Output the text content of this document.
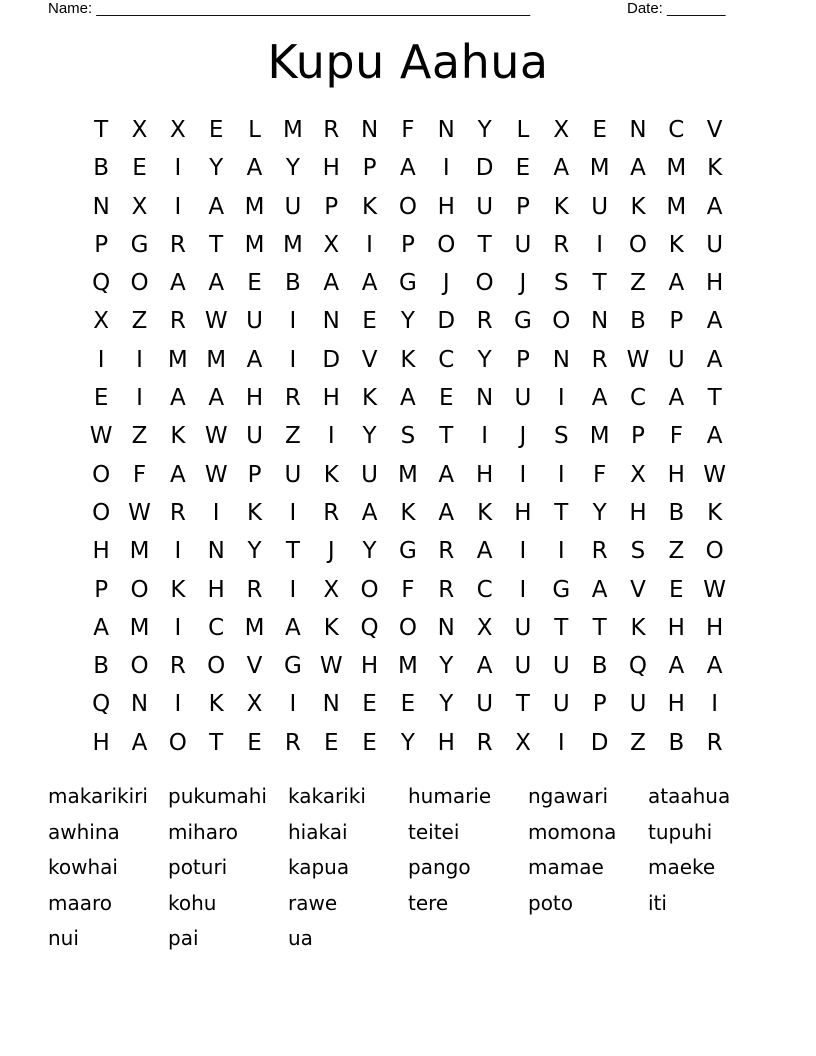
Name: ____________________________________________________	Date: _______
Kupu Aahua
T	X X	E	L M R N	F	N Y	L	X	E N C V
B	E	I	Y	A	Y H P	A	I	D E	A M A M K
N X	I	A M U P	K O H U P	K U K M A
P G R	T M M X	I	P O T U R	I	O K U
Q O A A	E	B A A G	J	O	J	S	T	Z A H
X Z R W U	I	N E	Y D R G O N B	P	A
I	I	M M A	I	D V K C	Y	P N R W U A
E	I	A A H R H K A	E N U	I	A C A	T
W Z K W U Z	I	Y	S	T	I	J	S M P	F	A
O F	A W P U K U M A H	I	I	F	X H W
O W R	I	K	I	R A K A K H T	Y H B K
H M	I	N Y	T	J	Y G R A	I	I	R	S	Z O
P O K H R	I	X O F	R C	I	G A V	E W
A M	I	C M A K Q O N X U T	T	K H H
B O R O V G W H M Y	A U U B Q A A
Q N	I	K X	I	N E	E	Y U T U P U H	I
H A O T	E	R	E	E	Y H R X	I	D Z B R
makarikiri	pukumahi	kakariki	humarie	ngawari	ataahua
awhina	miharo	hiakai	teitei	momona	tupuhi
kowhai	poturi	kapua	pango	mamae	maeke
maaro	kohu	rawe	tere	poto	iti
nui	pai	ua
